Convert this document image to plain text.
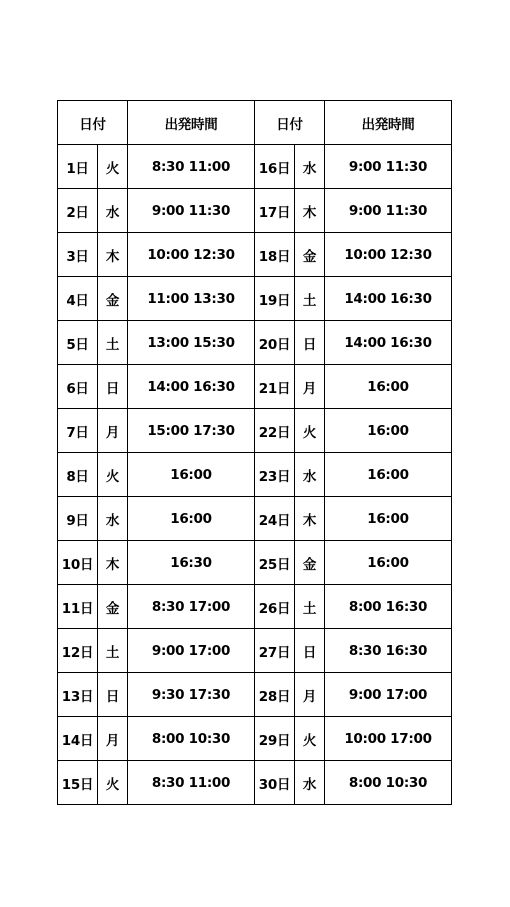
日付		出発時間	日付		出発時間
1日	火	8:30 11:00	16日	水	9:00 11:30
2日	水	9:00 11:30	17日	木	9:00 11:30
3日	木	10:00 12:30	18日	金	10:00 12:30
4日	金	11:00 13:30	19日	土	14:00 16:30
5日	土	13:00 15:30	20日	日	14:00 16:30
6日	日	14:00 16:30	21日	月	16:00
7日	月	15:00 17:30	22日	火	16:00
8日	火	16:00	23日	水	16:00
9日	水	16:00	24日	木	16:00
10日	木	16:30	25日	金	16:00
11日	金	8:30 17:00	26日	土	8:00 16:30
12日	土	9:00 17:00	27日	日	8:30 16:30
13日	日	9:30 17:30	28日	月	9:00 17:00
14日	月	8:00 10:30	29日	火	10:00 17:00
15日	火	8:30 11:00	30日	水	8:00 10:30
